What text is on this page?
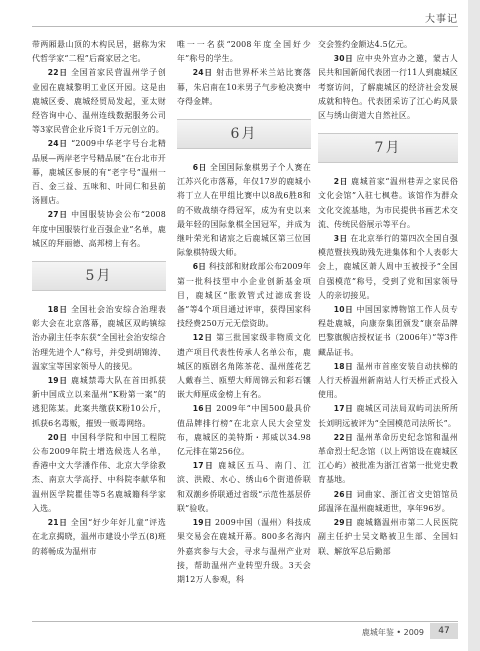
大事记

带两厢悬山顶的木构民居，据称为宋代哲学家“二程”后裔家居之宅。

22日 全国首家民营温州学子创业园在鹿城黎明工业区开园。这是由鹿城区委、鹿城经贸局发起，亚太财经咨询中心、温州连线数据服务公司等3家民营企业斥资1千万元创立的。

24日 “2009中华老字号台北精品展—两岸老字号精品展”在台北市开幕，鹿城区参展的有“老字号”温州一百、金三益、五味和、叶同仁和县前汤圆店。

27日 中国服装协会公布“2008年度中国服装行业百强企业”名单，鹿城区的拜丽德、高邦榜上有名。

5月

18日 全国社会治安综合治理表彰大会在北京落幕，鹿城区双屿镇综治办副主任李东获“全国社会治安综合治理先进个人”称号，并受到胡锦涛、温家宝等国家领导人的接见。

19日 鹿城禁毒大队在首田抓获新中国成立以来温州“K粉第一案”的逃犯陈某。此案共缴获K粉10公斤，抓获6名毒贩，摧毁一贩毒网络。

20日 中国科学院和中国工程院公布2009年院士增选候选人名单，香港中文大学潘作伟、北京大学徐救杰、南京大学高抒、中科院李献华和温州医学院瞿佳等5名鹿城籍科学家入选。

21日 全国“好少年好儿童”评选在北京揭晓，温州市建设小学五(8)班的蒋畅成为温州市

唯一一名获“2008年度全国好少年”称号的学生。

24日 射击世界杯米兰站比赛落幕，朱启南在10米男子气步枪决赛中夺得金牌。

6月

6日 全国国际象棋男子个人赛在江苏兴化市落幕，年仅17岁的鹿城小将丁立人在甲组比赛中以8战6胜8和的不败战绩夺得冠军，成为有史以来最年轻的国际象棋全国冠军，并成为继叶荣光和诸宸之后鹿城区第三位国际象棋特级大师。

6日 科技部和财政部公布2009年第一批科技型中小企业创新基金项目，鹿城区“胀敦管式过滤成套设备”等4个项目通过评审，获得国家科技经费250万元无偿资助。

12日 第三批国家级非物质文化遗产项目代表性传承人名单公布，鹿城区的瓯剧名角陈茶花、温州莲花艺人戴春兰、瓯塑大师周锦云和彩石镶嵌大师厘成金榜上有名。

16日 2009年“中国500最具价值品牌排行榜”在北京人民大会堂发布，鹿城区的美特斯・邦威以34.98亿元排在第256位。

17日 鹿城区五马、南门、江滨、洪殿、水心、绣山6个街道侨联和双潮乡侨联通过省级“示范性基层侨联”验收。

19日 2009中国（温州）科技成果交易会在鹿城开幕。800多名海内外嘉宾参与大会，寻求与温州产业对接，帮助温州产业转型升级。3天会期12万人参观，科

交会签约金额达4.5亿元。

30日 应中央外宣办之邀，蒙古人民共和国新闻代表团一行11人到鹿城区考察访问，了解鹿城区的经济社会发展成就和特色。代表团采访了江心屿风景区与绣山街道大自然社区。

7月

2日 鹿城首家“温州巷弄之家民俗文化会馆”入驻七枫巷。该馆作为群众文化交流基地，为市民提供书画艺术交流、传统民俗展示等平台。

3日 在北京举行的第四次全国自强模范暨扶残助残先进集体和个人表彰大会上，鹿城区萧人周中玉被授予“全国自强模范”称号，受到了党和国家领导人的亲切接见。

10日 中国国家博物馆工作人员专程赴鹿城，向康奈集团颁发“康奈品牌巴黎旗舰店授权证书（2006年）”等3件藏品证书。

18日 温州市首座安装自动扶梯的人行天桥温州新南站人行天桥正式投入使用。

17日 鹿城区司法局双屿司法所所长刘明远被评为“全国模范司法所长”。

22日 温州革命历史纪念馆和温州革命烈士纪念馆（以上两馆设在鹿城区江心屿）被批准为浙江省第一批党史教育基地。

26日 词曲家、浙江省文史馆馆员邱温泽在温州鹿城逝世，享年96岁。

29日 鹿城籍温州市第二人民医院副主任护士吴文略被卫生部、全国妇联、解放军总后勤部

鹿城年鉴 • 2009	47
